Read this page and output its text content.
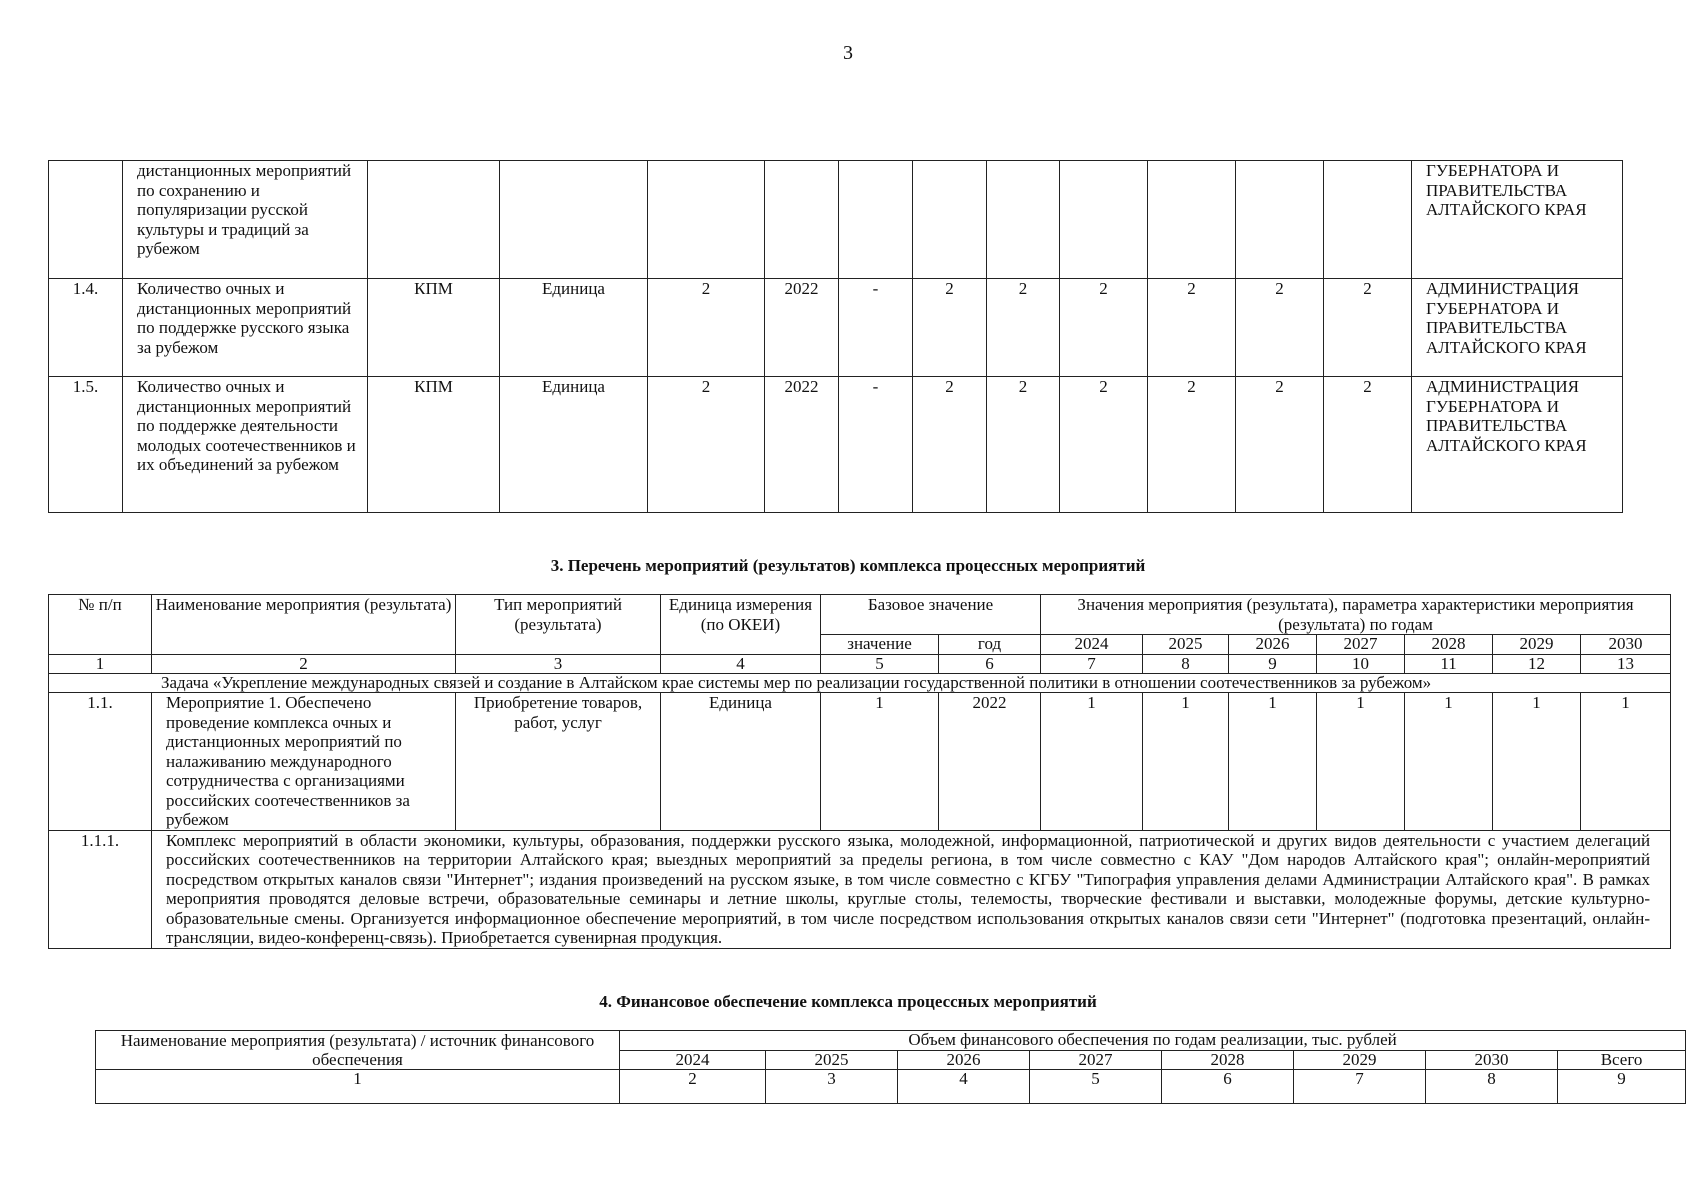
3
	дистанционных мероприятий по сохранению и популяризации русской культуры и традиций за рубежом												ГУБЕРНАТОРА И ПРАВИТЕЛЬСТВА АЛТАЙСКОГО КРАЯ
1.4.	Количество очных и дистанционных мероприятий по поддержке русского языка за рубежом	КПМ	Единица	2	2022	-	2	2	2	2	2	2	АДМИНИСТРАЦИЯ ГУБЕРНАТОРА И ПРАВИТЕЛЬСТВА АЛТАЙСКОГО КРАЯ
1.5.	Количество очных и дистанционных мероприятий по поддержке деятельности молодых соотечественников и их объединений за рубежом	КПМ	Единица	2	2022	-	2	2	2	2	2	2	АДМИНИСТРАЦИЯ ГУБЕРНАТОРА И ПРАВИТЕЛЬСТВА АЛТАЙСКОГО КРАЯ
3. Перечень мероприятий (результатов) комплекса процессных мероприятий
№ п/п	Наименование мероприятия (результата)	Тип мероприятий (результата)	Единица измерения (по ОКЕИ)	Базовое значение		Значения мероприятия (результата), параметра характеристики мероприятия (результата) по годам						
				значение	год	2024	2025	2026	2027	2028	2029	2030
1	2	3	4	5	6	7	8	9	10	11	12	13
Задача «Укрепление международных связей и создание в Алтайском крае системы мер по реализации государственной политики в отношении соотечественников за рубежом»												
1.1.	Мероприятие 1. Обеспечено проведение комплекса очных и дистанционных мероприятий по налаживанию международного сотрудничества с организациями российских соотечественников за рубежом	Приобретение товаров, работ, услуг	Единица	1	2022	1	1	1	1	1	1	1
1.1.1.	Комплекс мероприятий в области экономики, культуры, образования, поддержки русского языка, молодежной, информационной, патриотической и других видов деятельности с участием делегаций российских соотечественников на территории Алтайского края; выездных мероприятий за пределы региона, в том числе совместно с КАУ "Дом народов Алтайского края"; онлайн-мероприятий посредством открытых каналов связи "Интернет"; издания произведений на русском языке, в том числе совместно с КГБУ "Типография управления делами Администрации Алтайского края". В рамках мероприятия проводятся деловые встречи, образовательные семинары и летние школы, круглые столы, телемосты, творческие фестивали и выставки, молодежные форумы, детские культурно-образовательные смены. Организуется информационное обеспечение мероприятий, в том числе посредством использования открытых каналов связи сети "Интернет" (подготовка презентаций, онлайн-трансляции, видео-конференц-связь). Приобретается сувенирная продукция.											
4. Финансовое обеспечение комплекса процессных мероприятий
Наименование мероприятия (результата) / источник финансового обеспечения	Объем финансового обеспечения по годам реализации, тыс. рублей							
	2024	2025	2026	2027	2028	2029	2030	Всего
1	2	3	4	5	6	7	8	9
